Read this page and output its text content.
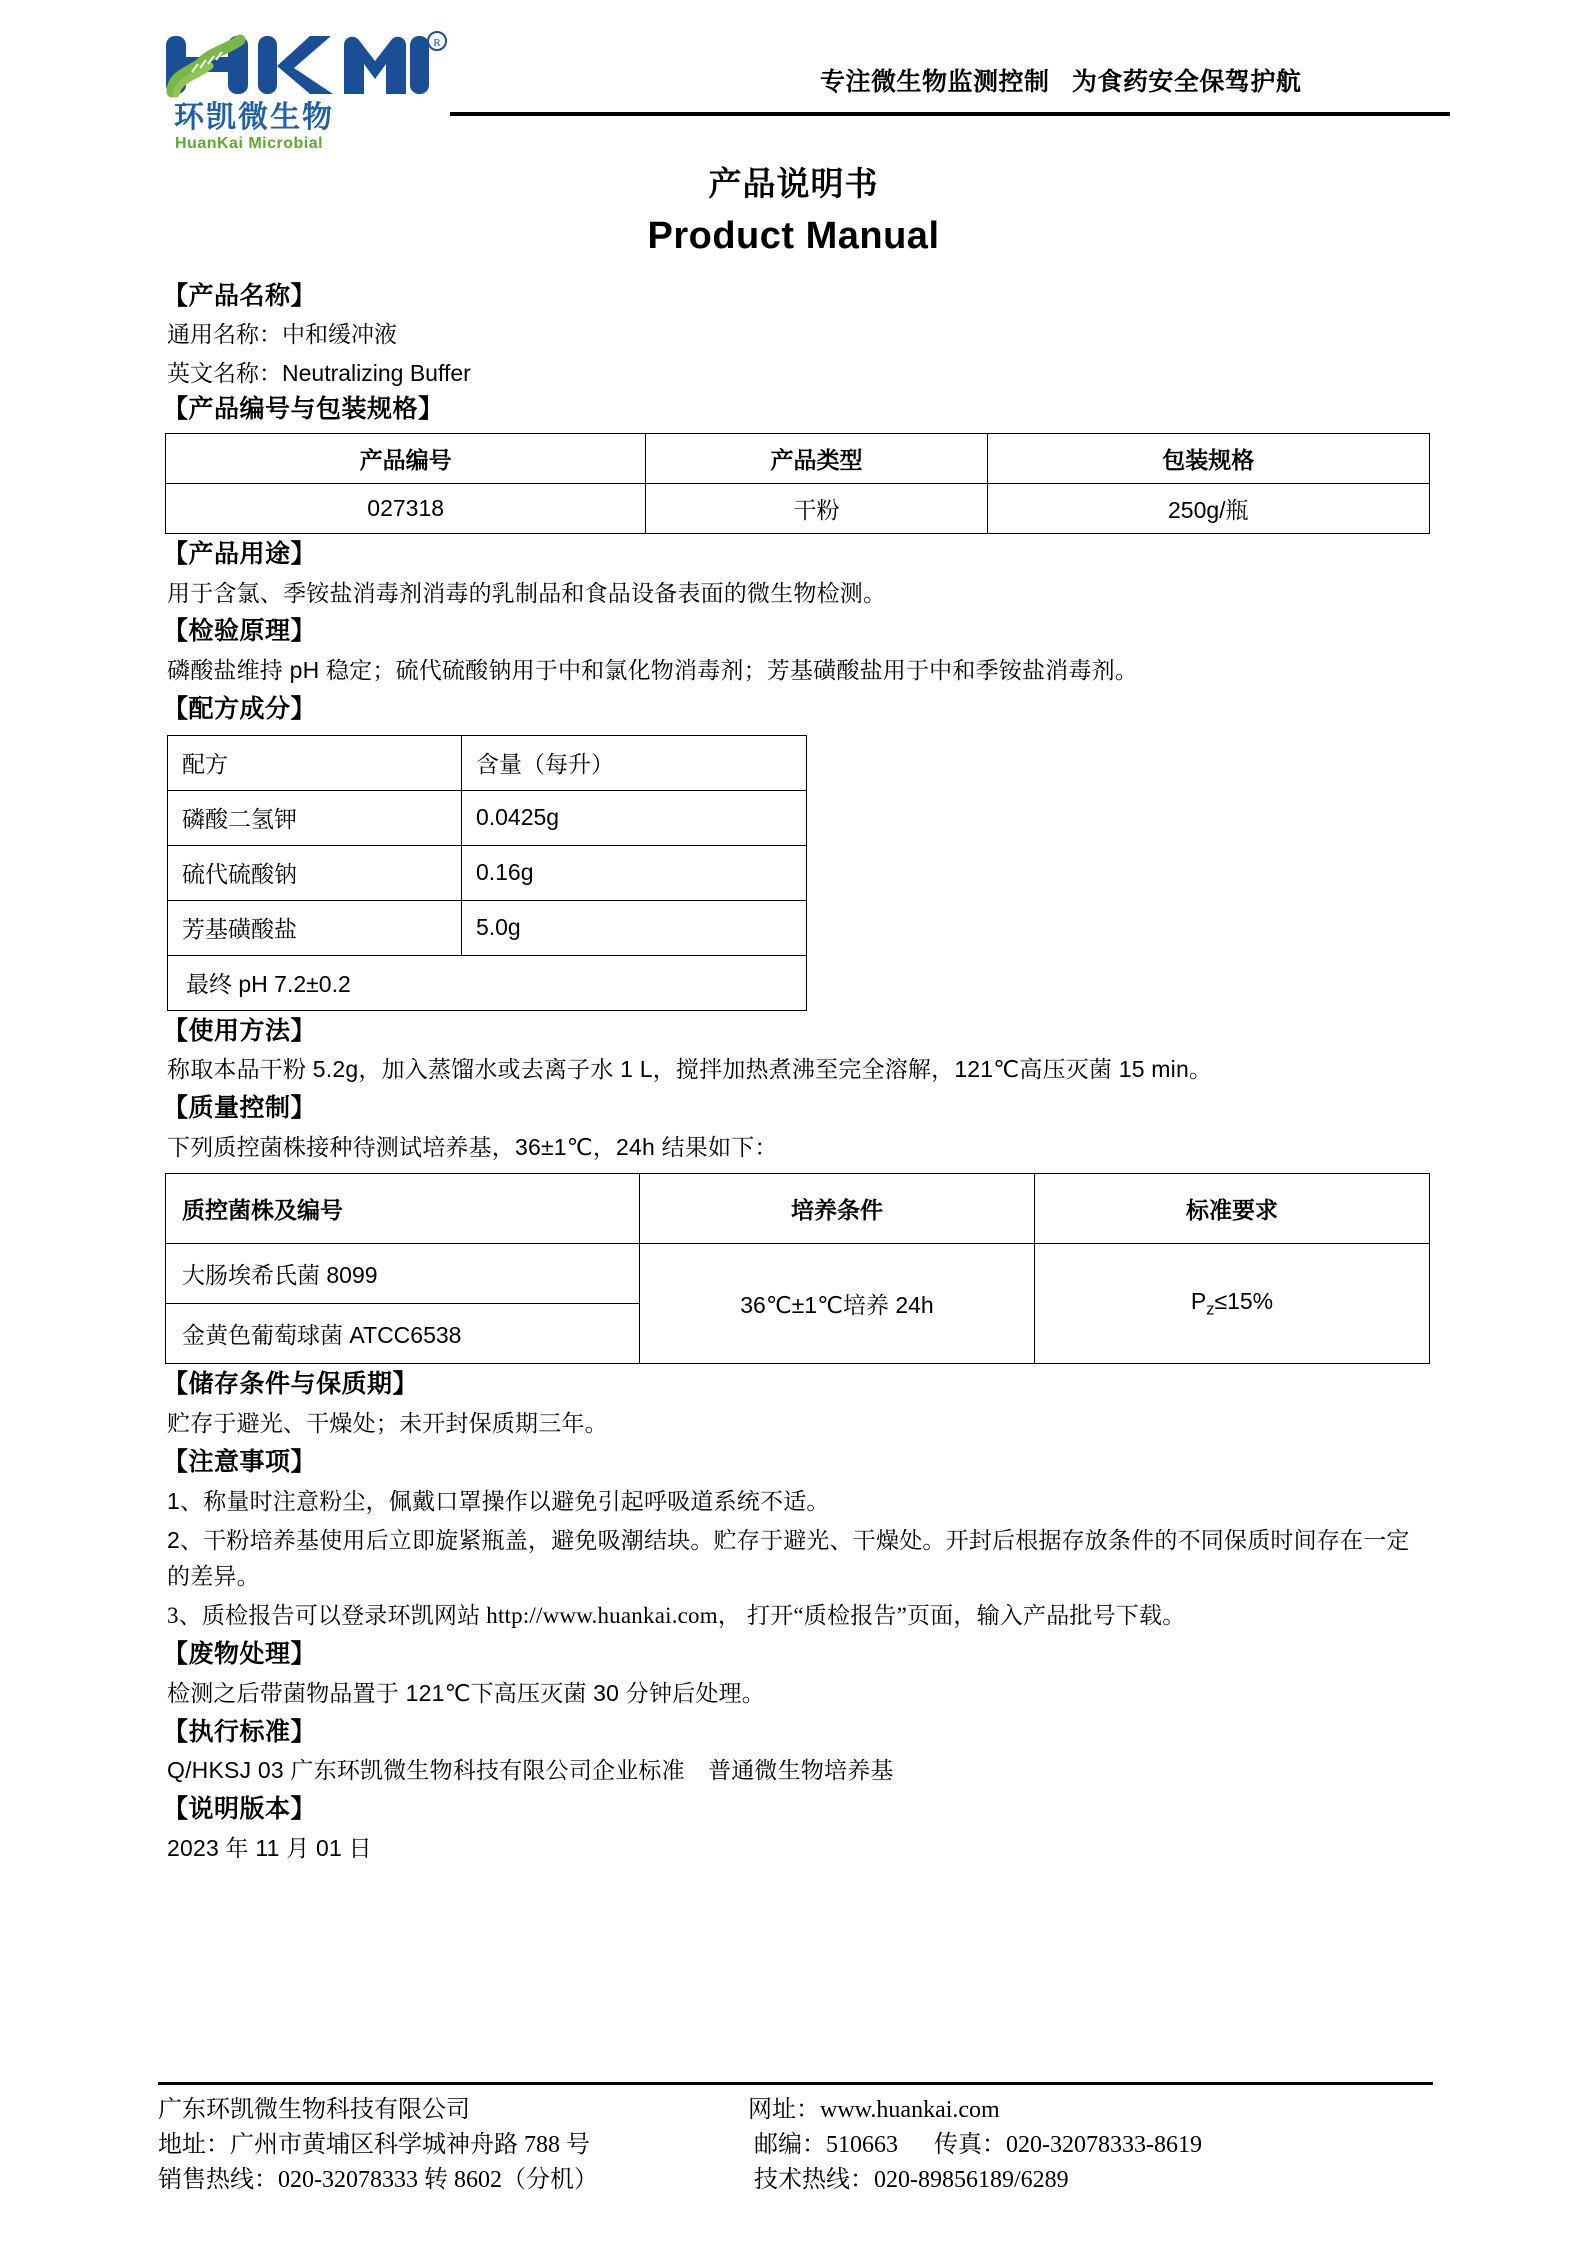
R
环凯微生物
HuanKai Microbial
专注微生物监测控制   为食药安全保驾护航
产品说明书
Product Manual
【产品名称】
通用名称：中和缓冲液
英文名称：Neutralizing Buffer
【产品编号与包装规格】
产品编号	产品类型	包装规格
027318	干粉	250g/瓶
【产品用途】
用于含氯、季铵盐消毒剂消毒的乳制品和食品设备表面的微生物检测。
【检验原理】
磷酸盐维持 pH 稳定；硫代硫酸钠用于中和氯化物消毒剂；芳基磺酸盐用于中和季铵盐消毒剂。
【配方成分】
配方	含量（每升）
磷酸二氢钾	0.0425g
硫代硫酸钠	0.16g
芳基磺酸盐	5.0g
最终 pH 7.2±0.2	
【使用方法】
称取本品干粉 5.2g，加入蒸馏水或去离子水 1 L，搅拌加热煮沸至完全溶解，121℃高压灭菌 15 min。
【质量控制】
下列质控菌株接种待测试培养基，36±1℃，24h 结果如下：
质控菌株及编号	培养条件	标准要求
大肠埃希氏菌 8099	36℃±1℃培养 24h	$P_z\le 15\%$
金黄色葡萄球菌 ATCC6538		
【储存条件与保质期】
贮存于避光、干燥处；未开封保质期三年。
【注意事项】
1、称量时注意粉尘，佩戴口罩操作以避免引起呼吸道系统不适。
2、干粉培养基使用后立即旋紧瓶盖，避免吸潮结块。贮存于避光、干燥处。开封后根据存放条件的不同保质时间存在一定的差异。
3、质检报告可以登录环凯网站 http://www.huankai.com， 打开“质检报告”页面，输入产品批号下载。
【废物处理】
检测之后带菌物品置于 121℃下高压灭菌 30 分钟后处理。
【执行标准】
Q/HKSJ 03 广东环凯微生物科技有限公司企业标准　普通微生物培养基
【说明版本】
2023 年 11 月 01 日
广东环凯微生物科技有限公司
地址：广州市黄埔区科学城神舟路 788 号
销售热线：020-32078333 转 8602（分机）
网址：www.huankai.com
邮编：510663　  传真：020-32078333-8619
技术热线：020-89856189/6289
